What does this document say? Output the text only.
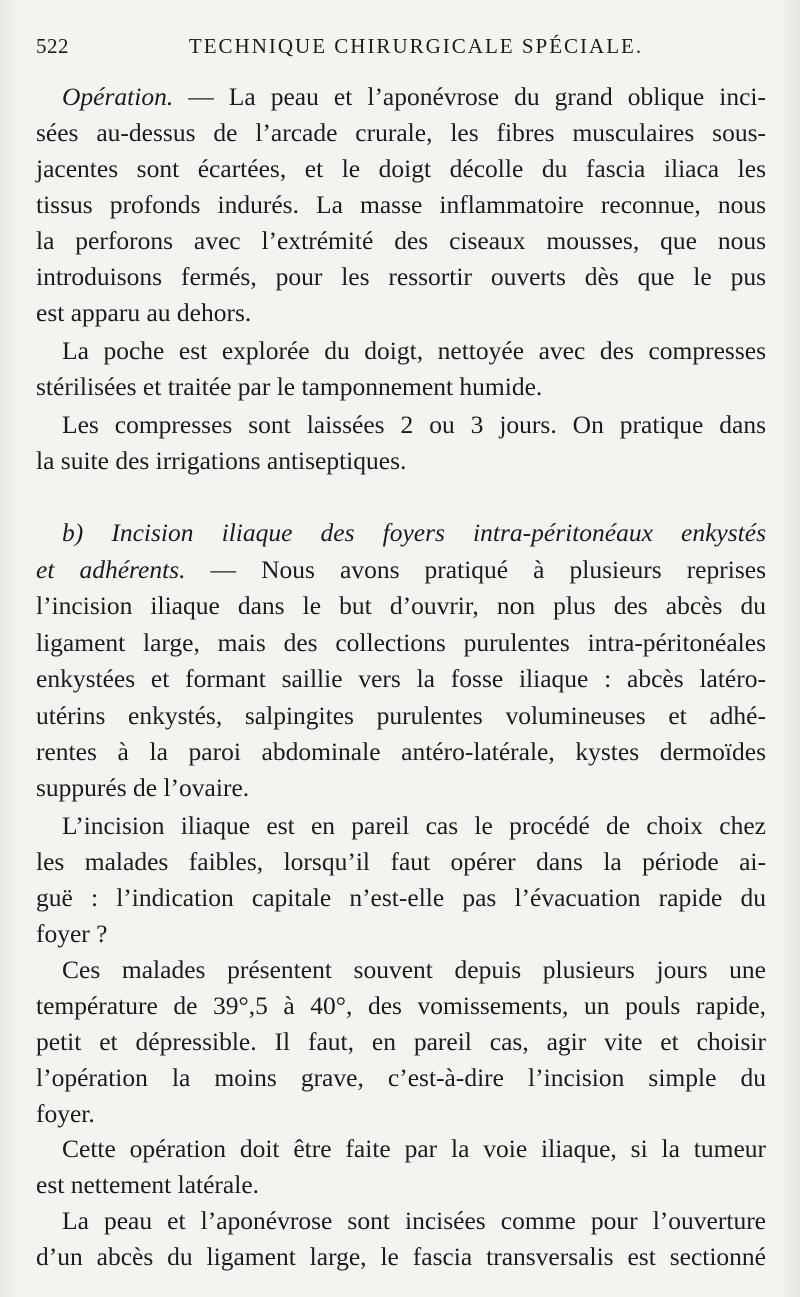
522	TECHNIQUE CHIRURGICALE SPÉCIALE.
Opération. — La peau et l’aponévrose du grand oblique inci-
sées au-dessus de l’arcade crurale, les fibres musculaires sous-
jacentes sont écartées, et le doigt décolle du fascia iliaca les
tissus profonds indurés. La masse inflammatoire reconnue, nous
la perforons avec l’extrémité des ciseaux mousses, que nous
introduisons fermés, pour les ressortir ouverts dès que le pus
est apparu au dehors.
La poche est explorée du doigt, nettoyée avec des compresses
stérilisées et traitée par le tamponnement humide.
Les compresses sont laissées 2 ou 3 jours. On pratique dans
la suite des irrigations antiseptiques.
b) Incision iliaque des foyers intra-péritonéaux enkystés
et adhérents. — Nous avons pratiqué à plusieurs reprises
l’incision iliaque dans le but d’ouvrir, non plus des abcès du
ligament large, mais des collections purulentes intra-péritonéales
enkystées et formant saillie vers la fosse iliaque : abcès latéro-
utérins enkystés, salpingites purulentes volumineuses et adhé-
rentes à la paroi abdominale antéro-latérale, kystes dermoïdes
suppurés de l’ovaire.
L’incision iliaque est en pareil cas le procédé de choix chez
les malades faibles, lorsqu’il faut opérer dans la période ai-
guë : l’indication capitale n’est-elle pas l’évacuation rapide du
foyer ?
Ces malades présentent souvent depuis plusieurs jours une
température de 39°,5 à 40°, des vomissements, un pouls rapide,
petit et dépressible. Il faut, en pareil cas, agir vite et choisir
l’opération la moins grave, c’est-à-dire l’incision simple du
foyer.
Cette opération doit être faite par la voie iliaque, si la tumeur
est nettement latérale.
La peau et l’aponévrose sont incisées comme pour l’ouverture
d’un abcès du ligament large, le fascia transversalis est sectionné
